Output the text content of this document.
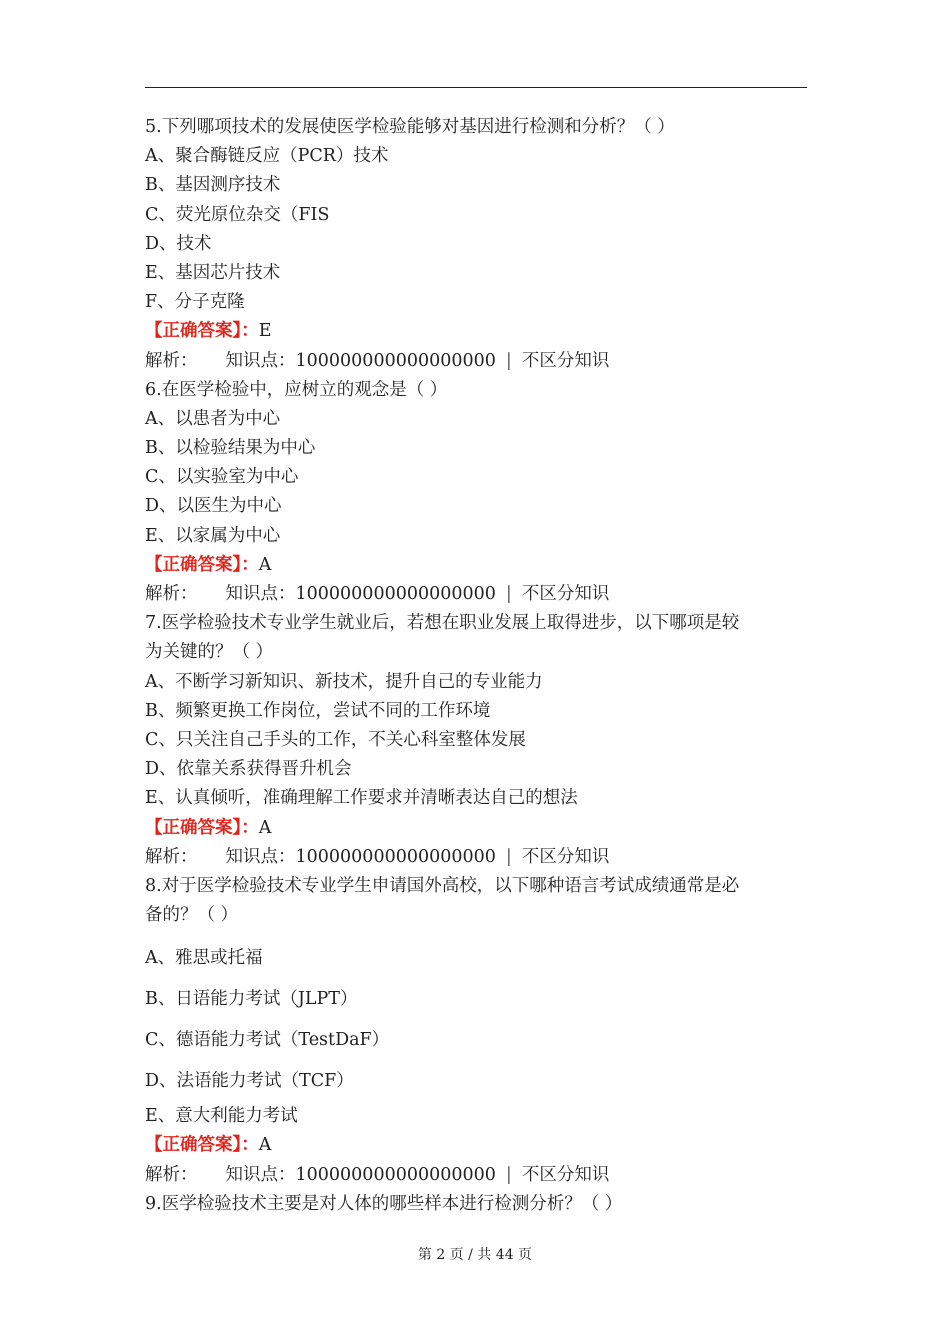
5.下列哪项技术的发展使医学检验能够对基因进行检测和分析？（ ）
A、聚合酶链反应（PCR）技术
B、基因测序技术
C、荧光原位杂交（FIS
D、技术
E、基因芯片技术
F、分子克隆
【正确答案】：E
解析： 知识点：100000000000000000 | 不区分知识
6.在医学检验中，应树立的观念是（ ）
A、以患者为中心
B、以检验结果为中心
C、以实验室为中心
D、以医生为中心
E、以家属为中心
【正确答案】：A
解析： 知识点：100000000000000000 | 不区分知识
7.医学检验技术专业学生就业后，若想在职业发展上取得进步，以下哪项是较
为关键的？（ ）
A、不断学习新知识、新技术，提升自己的专业能力
B、频繁更换工作岗位，尝试不同的工作环境
C、只关注自己手头的工作，不关心科室整体发展
D、依靠关系获得晋升机会
E、认真倾听，准确理解工作要求并清晰表达自己的想法
【正确答案】：A
解析： 知识点：100000000000000000 | 不区分知识
8.对于医学检验技术专业学生申请国外高校，以下哪种语言考试成绩通常是必
备的？（ ）
A、雅思或托福
B、日语能力考试（JLPT）
C、德语能力考试（TestDaF）
D、法语能力考试（TCF）
E、意大利能力考试
【正确答案】：A
解析： 知识点：100000000000000000 | 不区分知识
9.医学检验技术主要是对人体的哪些样本进行检测分析？（ ）
第 2 页 / 共 44 页
